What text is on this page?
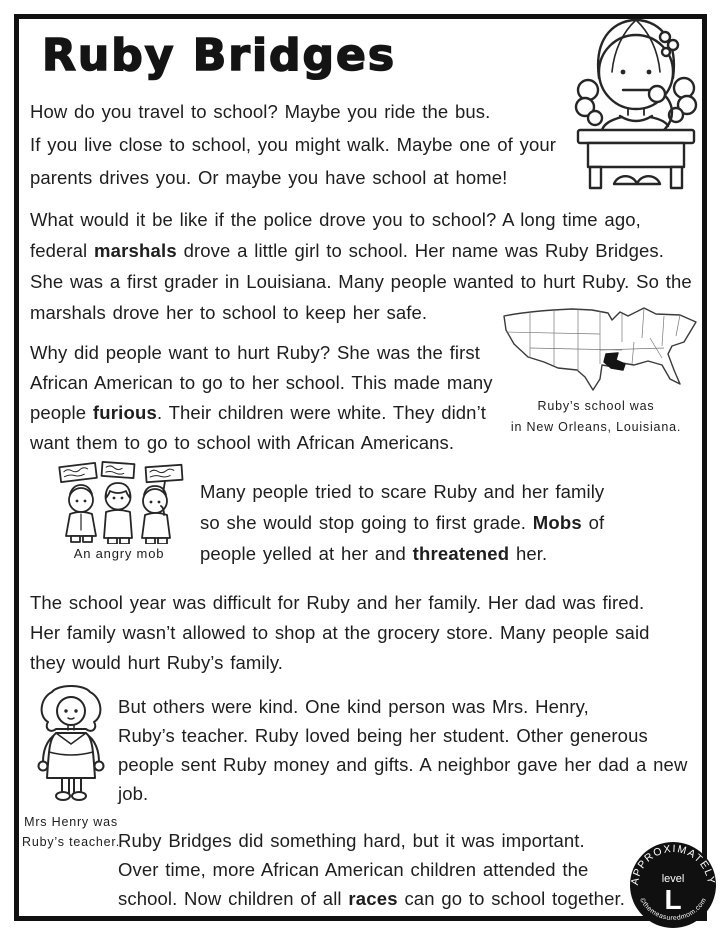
Ruby Bridges
How do you travel to school? Maybe you ride the bus.
If you live close to school, you might walk. Maybe one of your
parents drives you. Or maybe you have school at home!
What would it be like if the police drove you to school? A long time ago,
federal marshals drove a little girl to school. Her name was Ruby Bridges.
She was a first grader in Louisiana. Many people wanted to hurt Ruby. So the
marshals drove her to school to keep her safe.
Why did people want to hurt Ruby? She was the first
African American to go to her school. This made many
people furious. Their children were white. They didn’t
want them to go to school with African Americans.
Ruby’s school was
in New Orleans, Louisiana.
An angry mob
Many people tried to scare Ruby and her family
so she would stop going to first grade. Mobs of
people yelled at her and threatened her.
The school year was difficult for Ruby and her family. Her dad was fired.
Her family wasn’t allowed to shop at the grocery store. Many people said
they would hurt Ruby’s family.
Mrs Henry was
Ruby’s teacher.
But others were kind. One kind person was Mrs. Henry,
Ruby’s teacher. Ruby loved being her student. Other generous
people sent Ruby money and gifts. A neighbor gave her dad a new
job.
Ruby Bridges did something hard, but it was important.
Over time, more African American children attended the
school. Now children of all races can go to school together.
APPROXIMATELY
level
L
©themeasuredmom.com
